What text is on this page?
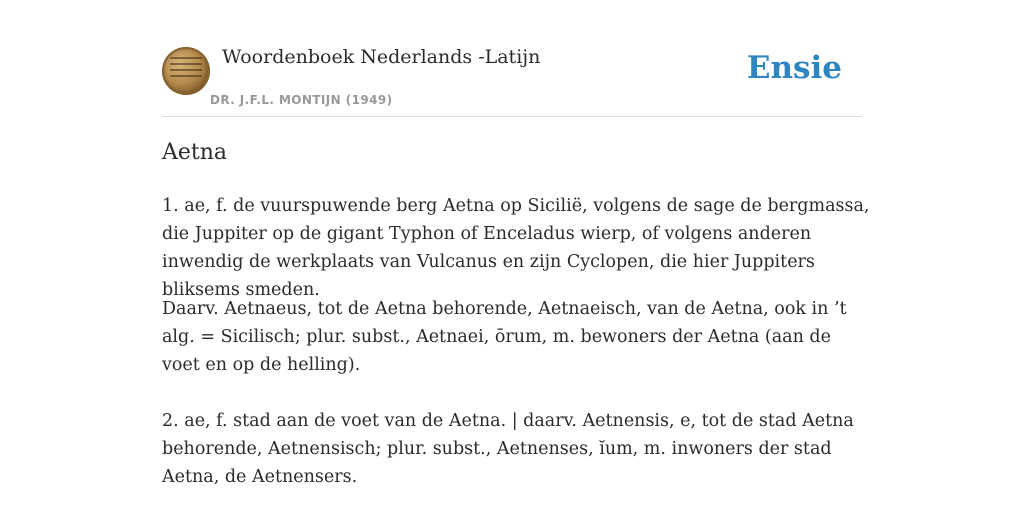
Woordenboek Nederlands -Latijn
DR. J.F.L. MONTIJN (1949)
Ensie
Aetna

1. ae, f. de vuurspuwende berg Aetna op Sicilië, volgens de sage de bergmassa, die Juppiter op de gigant Typhon of Enceladus wierp, of volgens anderen inwendig de werkplaats van Vulcanus en zijn Cyclopen, die hier Juppiters bliksems smeden.

Daarv. Aetnaeus, tot de Aetna behorende, Aetnaeisch, van de Aetna, ook in ’t alg. = Sicilisch; plur. subst., Aetnaei, ōrum, m. bewoners der Aetna (aan de voet en op de helling).

2. ae, f. stad aan de voet van de Aetna. | daarv. Aetnensis, e, tot de stad Aetna behorende, Aetnensisch; plur. subst., Aetnenses, ĭum, m. inwoners der stad Aetna, de Aetnensers.
